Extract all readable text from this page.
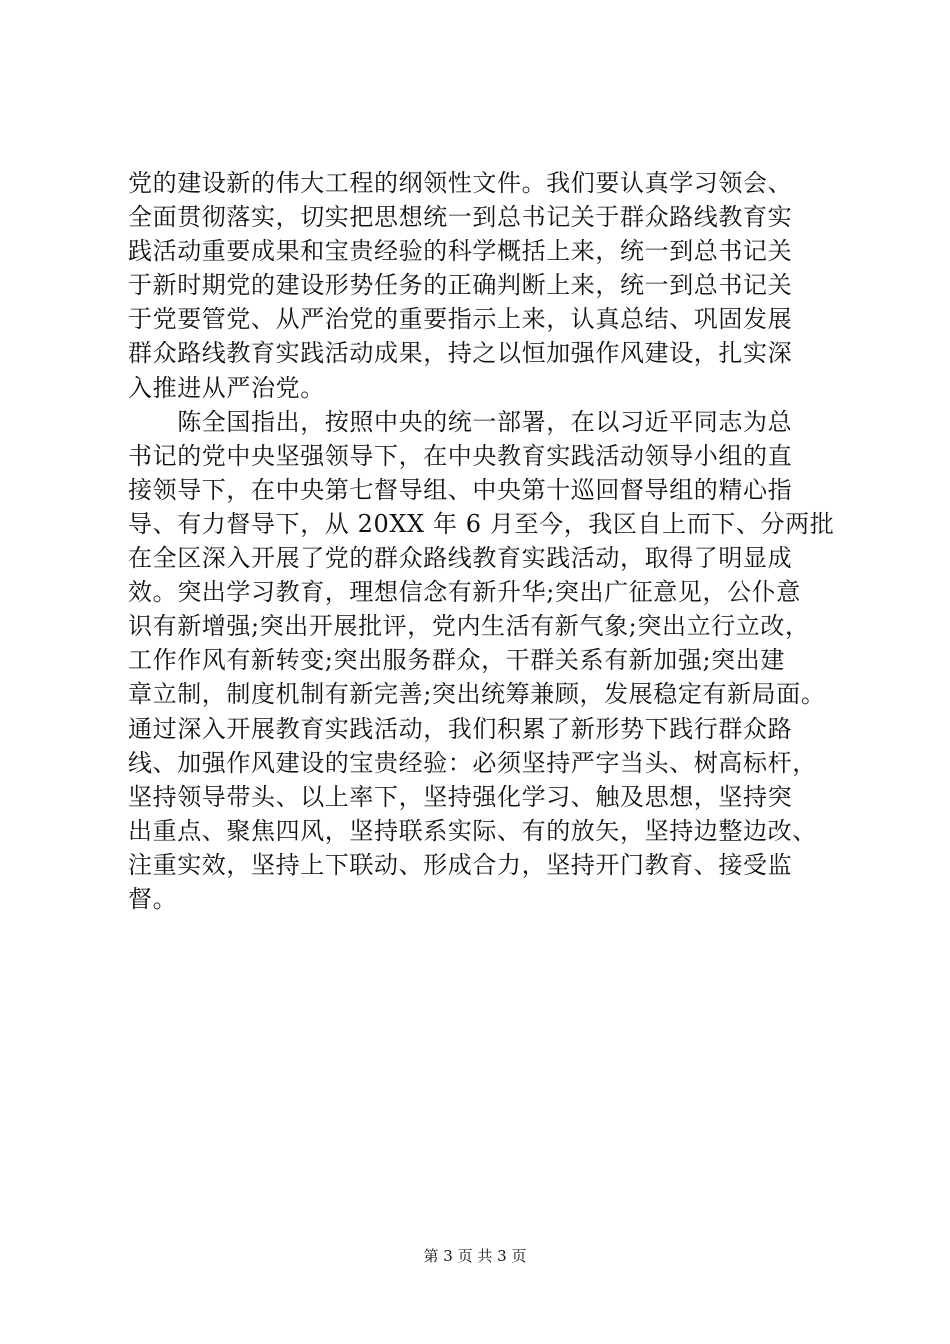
党的建设新的伟大工程的纲领性文件。我们要认真学习领会、
全面贯彻落实，切实把思想统一到总书记关于群众路线教育实
践活动重要成果和宝贵经验的科学概括上来，统一到总书记关
于新时期党的建设形势任务的正确判断上来，统一到总书记关
于党要管党、从严治党的重要指示上来，认真总结、巩固发展
群众路线教育实践活动成果，持之以恒加强作风建设，扎实深
入推进从严治党。
　　陈全国指出，按照中央的统一部署，在以习近平同志为总
书记的党中央坚强领导下，在中央教育实践活动领导小组的直
接领导下，在中央第七督导组、中央第十巡回督导组的精心指
导、有力督导下，从 20XX 年 6 月至今，我区自上而下、分两批
在全区深入开展了党的群众路线教育实践活动，取得了明显成
效。突出学习教育，理想信念有新升华;突出广征意见，公仆意
识有新增强;突出开展批评，党内生活有新气象;突出立行立改，
工作作风有新转变;突出服务群众，干群关系有新加强;突出建
章立制，制度机制有新完善;突出统筹兼顾，发展稳定有新局面。
通过深入开展教育实践活动，我们积累了新形势下践行群众路
线、加强作风建设的宝贵经验：必须坚持严字当头、树高标杆，
坚持领导带头、以上率下，坚持强化学习、触及思想，坚持突
出重点、聚焦四风，坚持联系实际、有的放矢，坚持边整边改、
注重实效，坚持上下联动、形成合力，坚持开门教育、接受监
督。
第 3 页 共 3 页
